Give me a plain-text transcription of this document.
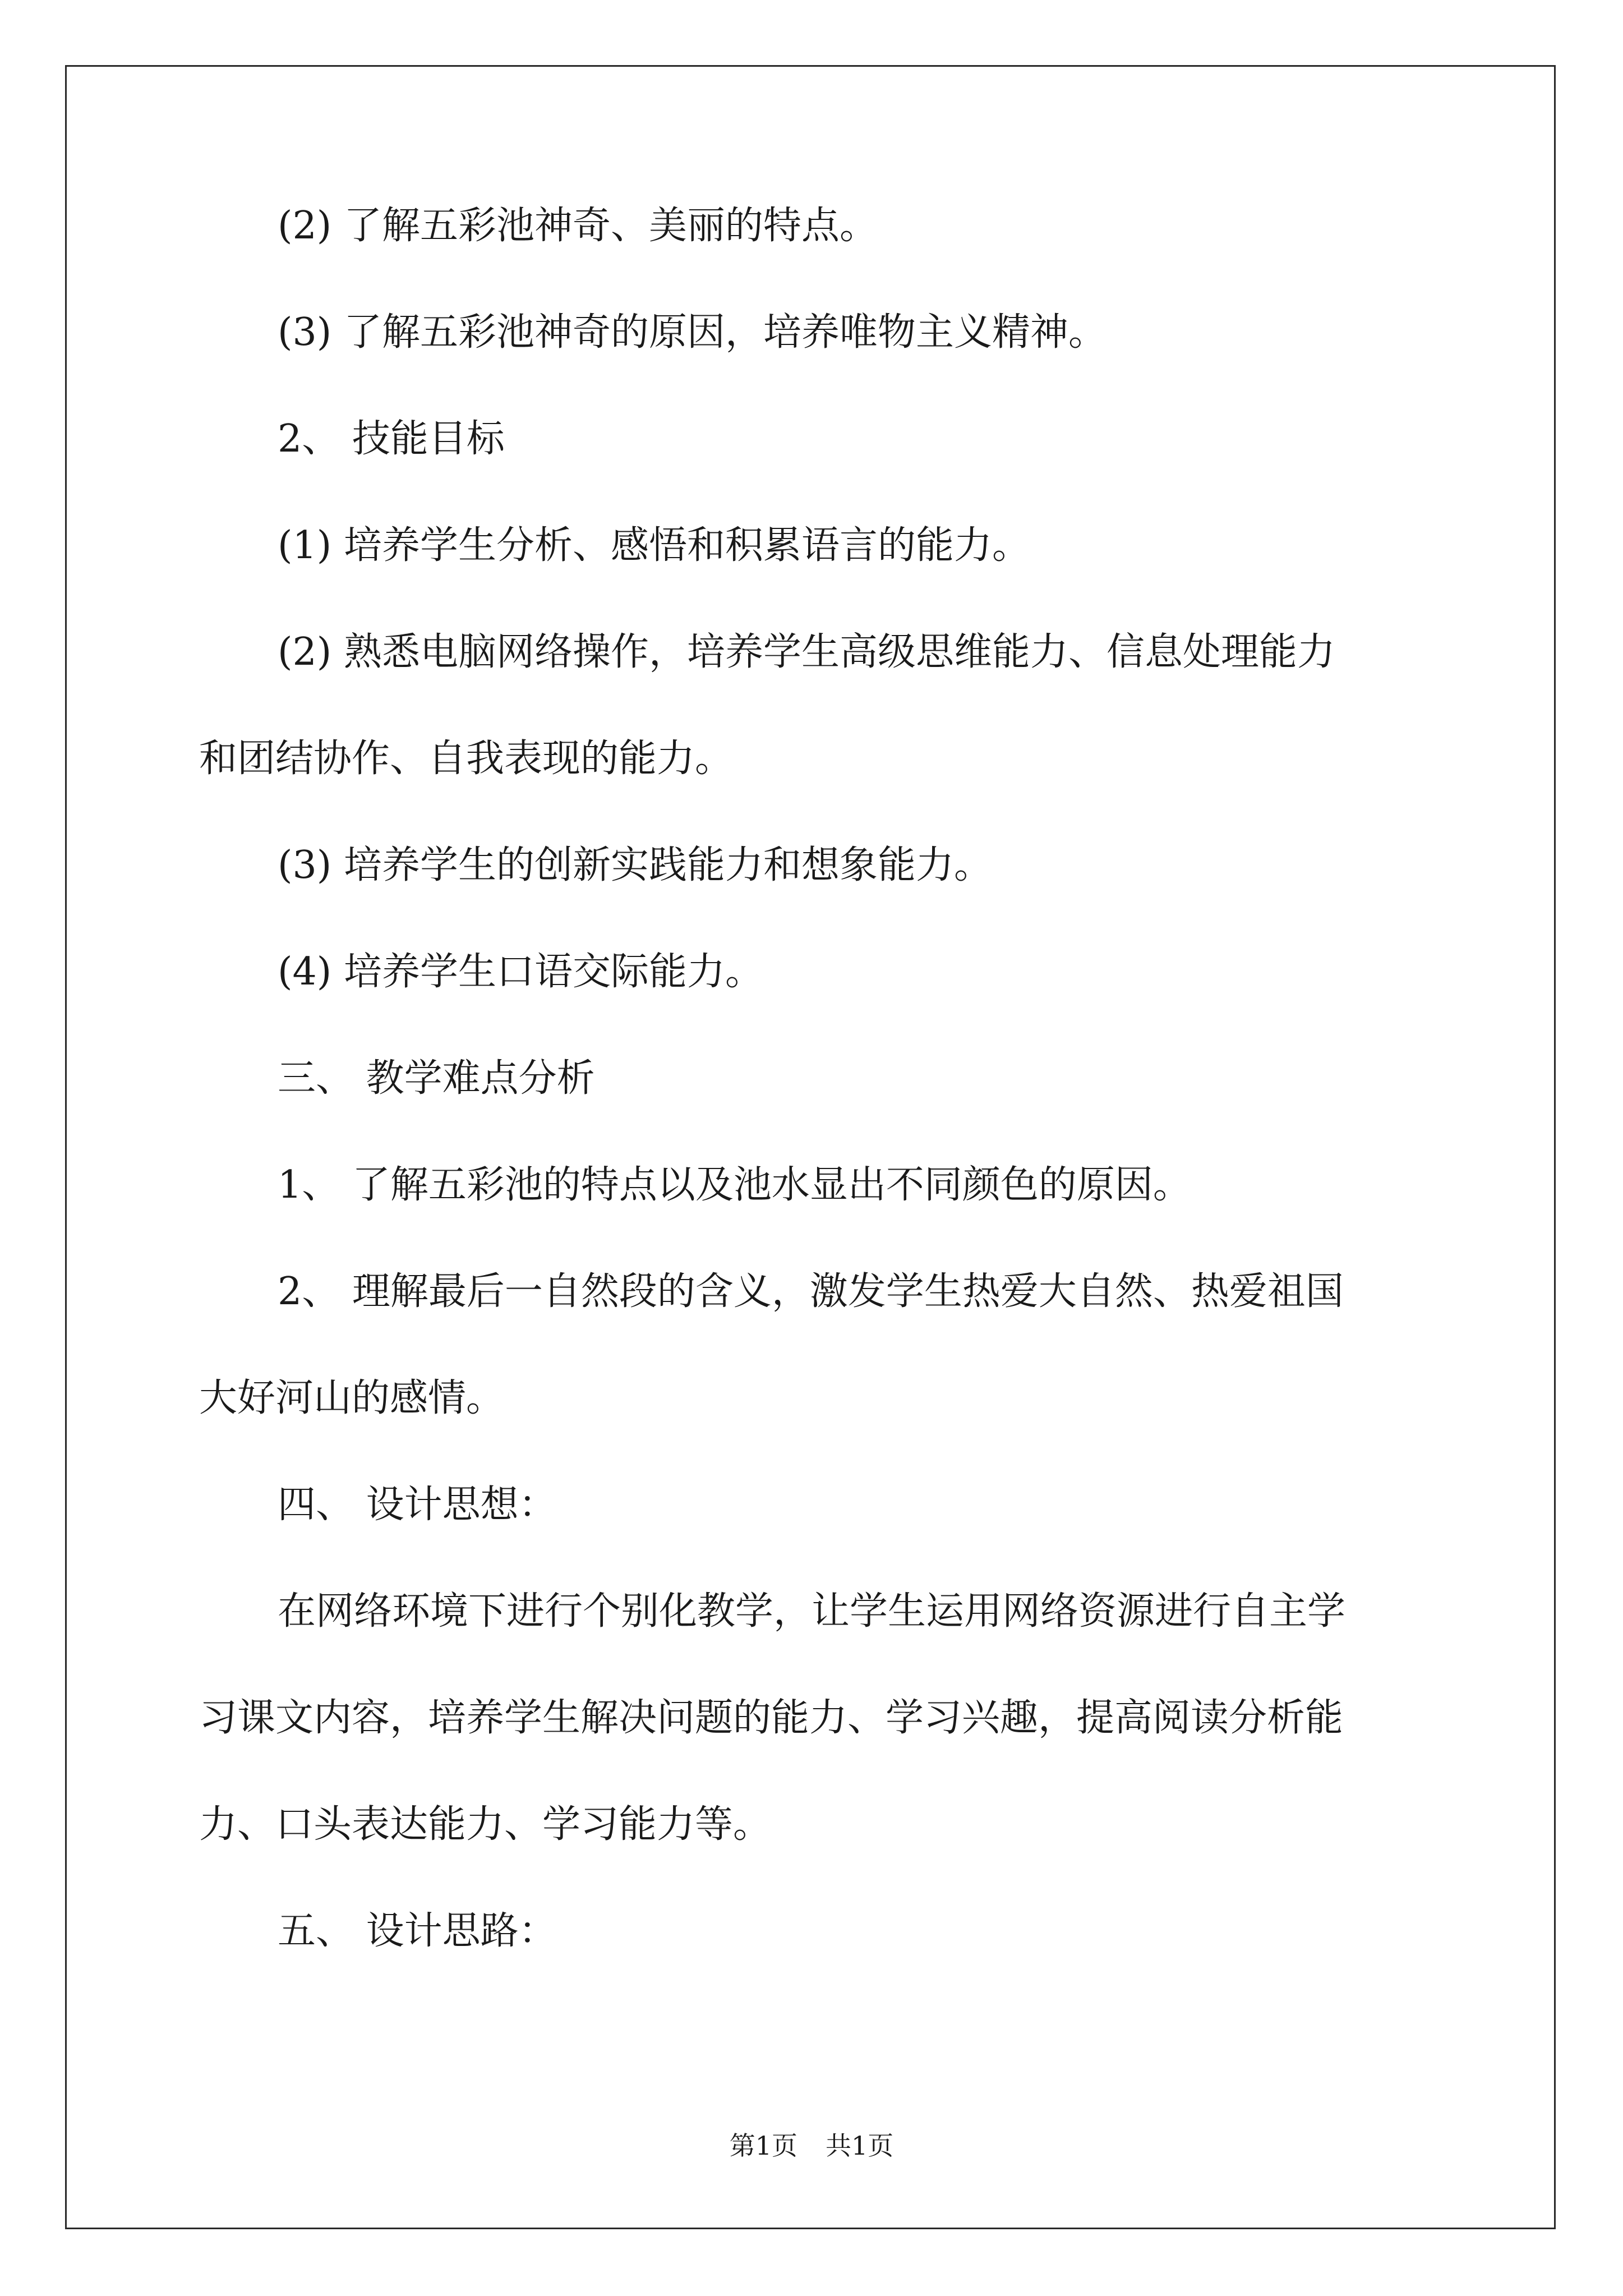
(2) 了解五彩池神奇、美丽的特点。

(3) 了解五彩池神奇的原因，培养唯物主义精神。

2、 技能目标

(1) 培养学生分析、感悟和积累语言的能力。

(2) 熟悉电脑网络操作，培养学生高级思维能力、信息处理能力

和团结协作、自我表现的能力。

(3) 培养学生的创新实践能力和想象能力。

(4) 培养学生口语交际能力。

三、 教学难点分析

1、 了解五彩池的特点以及池水显出不同颜色的原因。

2、 理解最后一自然段的含义，激发学生热爱大自然、热爱祖国

大好河山的感情。

四、 设计思想：

在网络环境下进行个别化教学，让学生运用网络资源进行自主学

习课文内容，培养学生解决问题的能力、学习兴趣，提高阅读分析能

力、口头表达能力、学习能力等。

五、 设计思路：

第1页 共1页
